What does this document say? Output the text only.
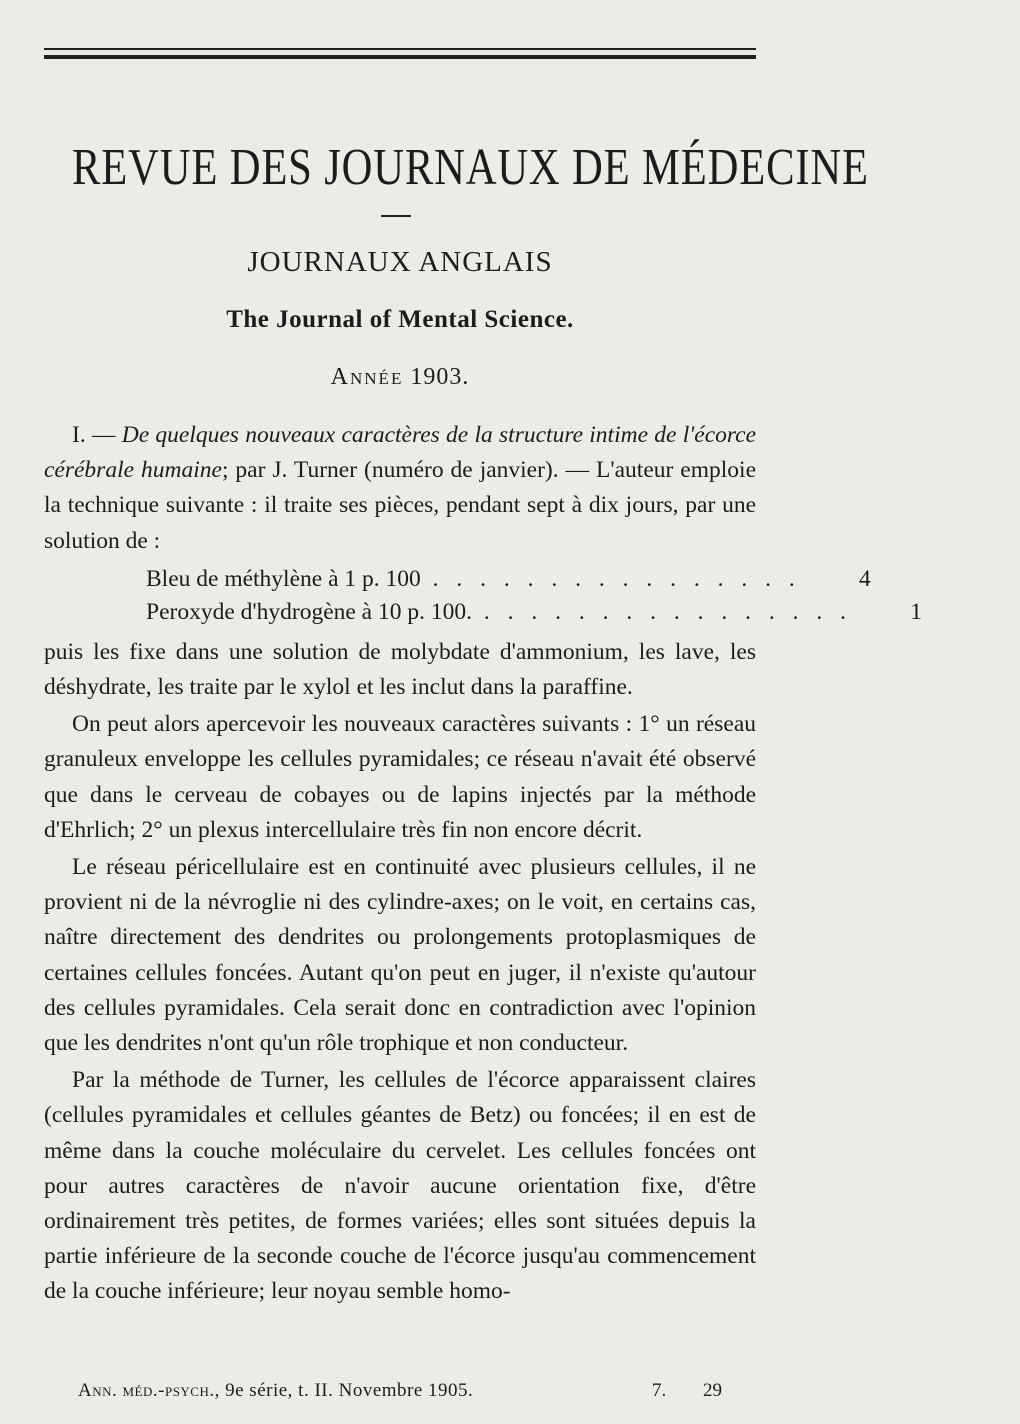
REVUE DES JOURNAUX DE MÉDECINE
JOURNAUX ANGLAIS
The Journal of Mental Science.
Année 1903.

I. — De quelques nouveaux caractères de la structure intime de l'écorce cérébrale humaine; par J. Turner (numéro de janvier). — L'auteur emploie la technique suivante : il traite ses pièces, pendant sept à dix jours, par une solution de :

Bleu de méthylène à 1 p. 100 . . . . . . . . . . . . . . . .	4
Peroxyde d'hydrogène à 10 p. 100. . . . . . . . . . . . . . . . .	1

puis les fixe dans une solution de molybdate d'ammonium, les lave, les déshydrate, les traite par le xylol et les inclut dans la paraffine.

On peut alors apercevoir les nouveaux caractères suivants : 1° un réseau granuleux enveloppe les cellules pyramidales; ce réseau n'avait été observé que dans le cerveau de cobayes ou de lapins injectés par la méthode d'Ehrlich; 2° un plexus intercellulaire très fin non encore décrit.

Le réseau péricellulaire est en continuité avec plusieurs cellules, il ne provient ni de la névroglie ni des cylindre-axes; on le voit, en certains cas, naître directement des dendrites ou prolongements protoplasmiques de certaines cellules foncées. Autant qu'on peut en juger, il n'existe qu'autour des cellules pyramidales. Cela serait donc en contradiction avec l'opinion que les dendrites n'ont qu'un rôle trophique et non conducteur.

Par la méthode de Turner, les cellules de l'écorce apparaissent claires (cellules pyramidales et cellules géantes de Betz) ou foncées; il en est de même dans la couche moléculaire du cervelet. Les cellules foncées ont pour autres caractères de n'avoir aucune orientation fixe, d'être ordinairement très petites, de formes variées; elles sont situées depuis la partie inférieure de la seconde couche de l'écorce jusqu'au commencement de la couche inférieure; leur noyau semble homo-

Ann. méd.-psych., 9e série, t. II. Novembre 1905.	7. 29
